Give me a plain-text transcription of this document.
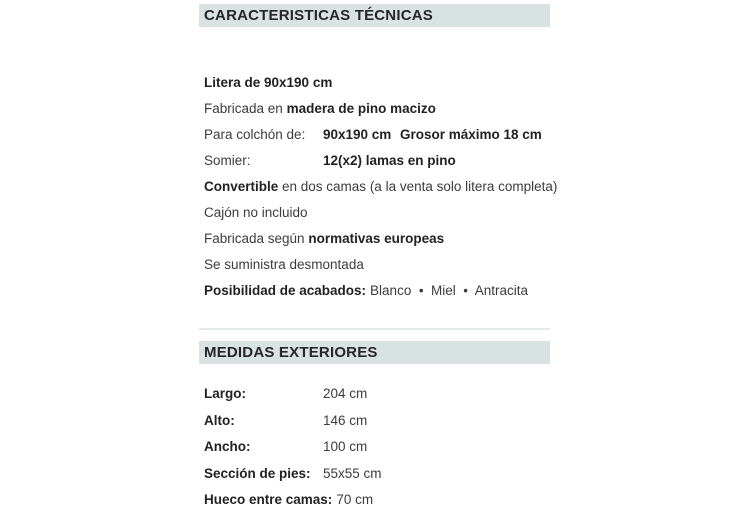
CARACTERISTICAS TÉCNICAS
Litera de 90x190 cm
Fabricada en madera de pino macizo
Para colchón de: 90x190 cm Grosor máximo 18 cm
Somier:	12(x2) lamas en pino
Convertible en dos camas (a la venta solo litera completa)
Cajón no incluido
Fabricada según normativas europeas
Se suministra desmontada
Posibilidad de acabados: Blanco  •  Miel  •  Antracita
MEDIDAS EXTERIORES
Largo:	204 cm
Alto:	146 cm
Ancho:	100 cm
Sección de pies: 55x55 cm
Hueco entre camas: 70 cm
